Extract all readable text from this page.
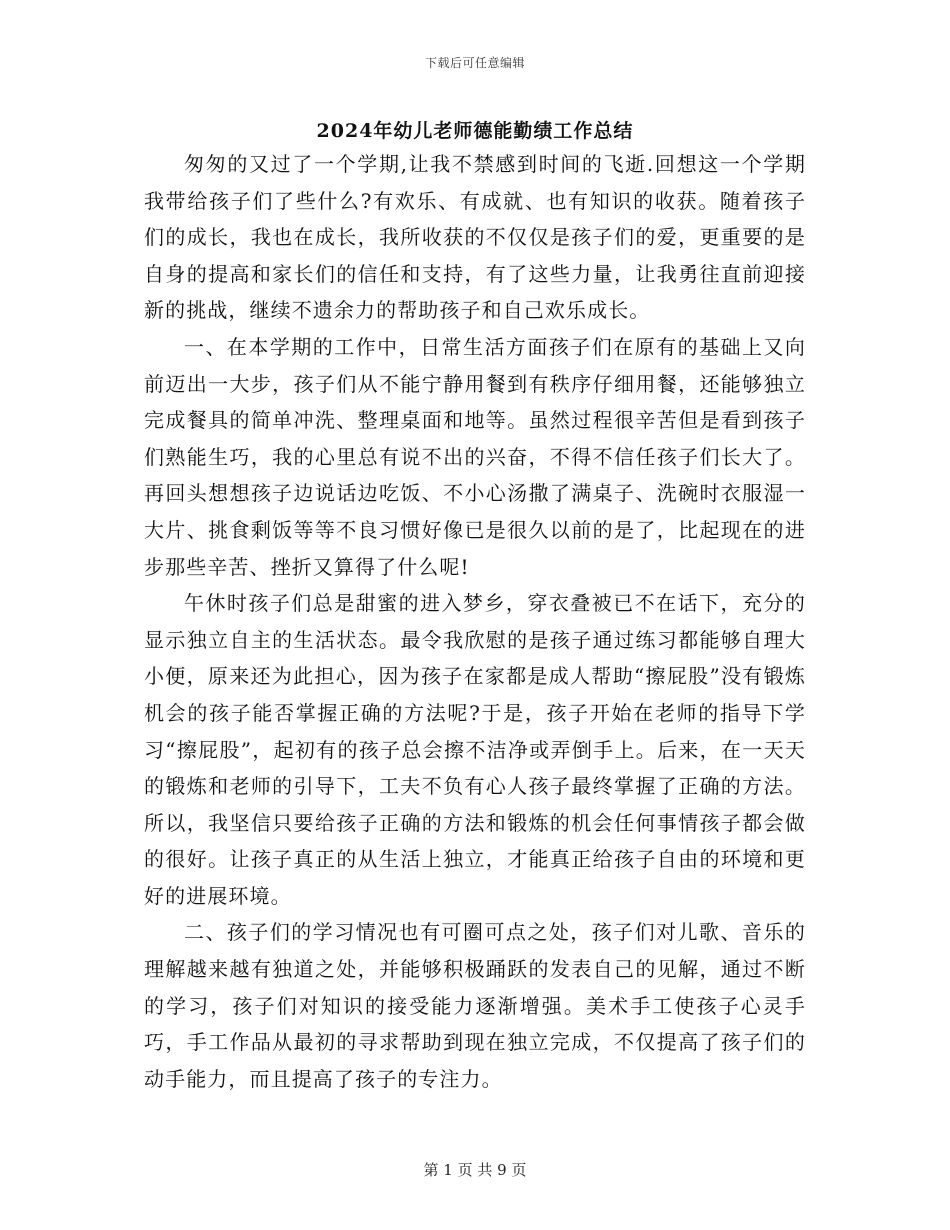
下载后可任意编辑
2024年幼儿老师德能勤绩工作总结

匆匆的又过了一个学期,让我不禁感到时间的飞逝.回想这一个学期我带给孩子们了些什么?有欢乐、有成就、也有知识的收获。随着孩子们的成长，我也在成长，我所收获的不仅仅是孩子们的爱，更重要的是自身的提高和家长们的信任和支持，有了这些力量，让我勇往直前迎接新的挑战，继续不遗余力的帮助孩子和自己欢乐成长。

一、在本学期的工作中，日常生活方面孩子们在原有的基础上又向前迈出一大步，孩子们从不能宁静用餐到有秩序仔细用餐，还能够独立完成餐具的简单冲洗、整理桌面和地等。虽然过程很辛苦但是看到孩子们熟能生巧，我的心里总有说不出的兴奋，不得不信任孩子们长大了。再回头想想孩子边说话边吃饭、不小心汤撒了满桌子、洗碗时衣服湿一大片、挑食剩饭等等不良习惯好像已是很久以前的是了，比起现在的进步那些辛苦、挫折又算得了什么呢!

午休时孩子们总是甜蜜的进入梦乡，穿衣叠被已不在话下，充分的显示独立自主的生活状态。最令我欣慰的是孩子通过练习都能够自理大小便，原来还为此担心，因为孩子在家都是成人帮助“擦屁股”没有锻炼机会的孩子能否掌握正确的方法呢?于是，孩子开始在老师的指导下学习“擦屁股”，起初有的孩子总会擦不洁净或弄倒手上。后来，在一天天的锻炼和老师的引导下，工夫不负有心人孩子最终掌握了正确的方法。所以，我坚信只要给孩子正确的方法和锻炼的机会任何事情孩子都会做的很好。让孩子真正的从生活上独立，才能真正给孩子自由的环境和更好的进展环境。

二、孩子们的学习情况也有可圈可点之处，孩子们对儿歌、音乐的理解越来越有独道之处，并能够积极踊跃的发表自己的见解，通过不断的学习，孩子们对知识的接受能力逐渐增强。美术手工使孩子心灵手巧，手工作品从最初的寻求帮助到现在独立完成，不仅提高了孩子们的动手能力，而且提高了孩子的专注力。

第 1 页 共 9 页
